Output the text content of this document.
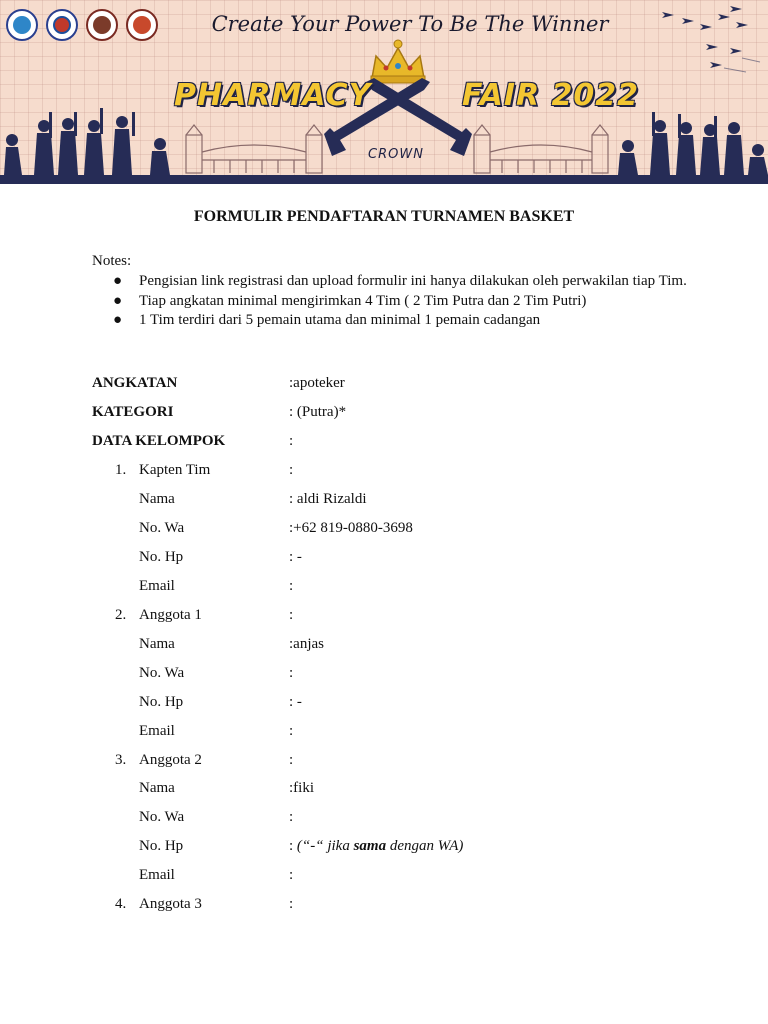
Create Your Power To Be The Winner
PHARMACY	FAIR 2022
CROWN
FORMULIR PENDAFTARAN TURNAMEN BASKET
Notes:
● Pengisian link registrasi dan upload formulir ini hanya dilakukan oleh perwakilan tiap Tim.
● Tiap angkatan minimal mengirimkan 4 Tim ( 2 Tim Putra dan 2 Tim Putri)
● 1 Tim terdiri dari 5 pemain utama dan minimal 1 pemain cadangan
ANGKATAN	:apoteker
KATEGORI	: (Putra)*
DATA KELOMPOK	:
1. Kapten Tim	:
Nama	: aldi Rizaldi
No. Wa	:+62 819-0880-3698
No. Hp	: -
Email	:
2. Anggota 1	:
Nama	:anjas
No. Wa	:
No. Hp	: -
Email	:
3. Anggota 2	:
Nama	:fiki
No. Wa	:
No. Hp	: (“-“ jika sama dengan WA)
Email	:
4. Anggota 3	:
